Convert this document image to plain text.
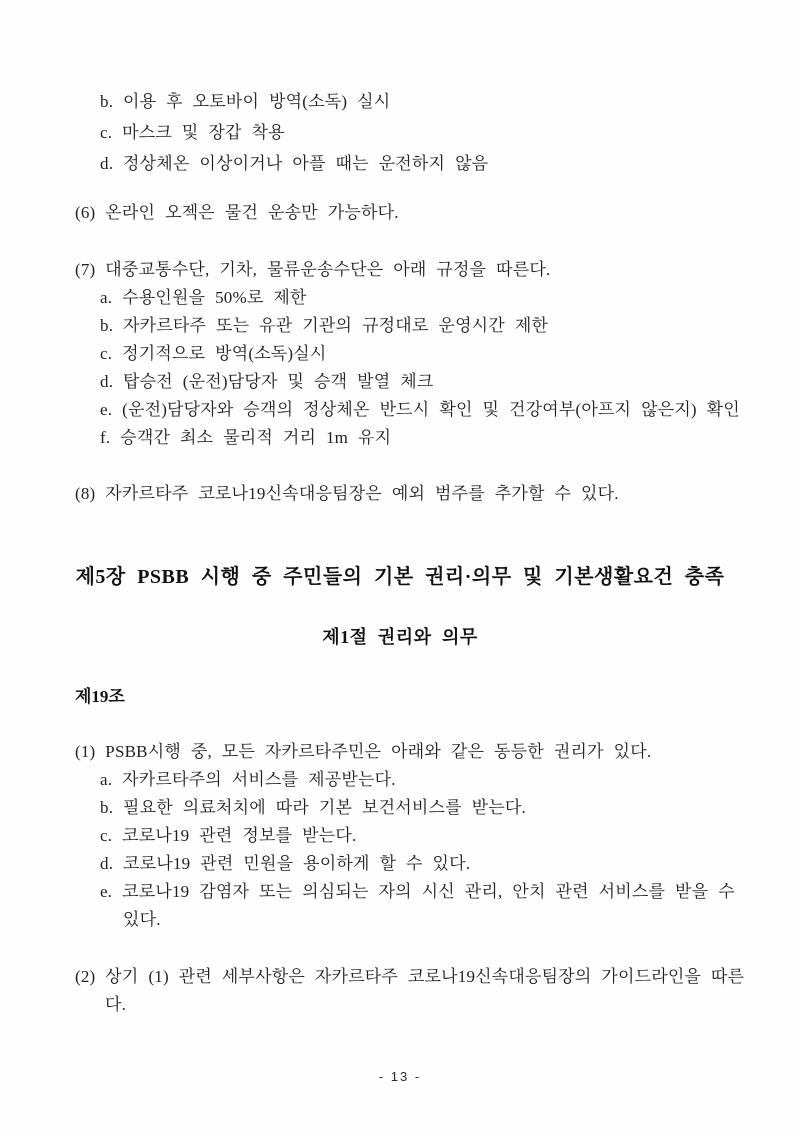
b. 이용 후 오토바이 방역(소독) 실시
c. 마스크 및 장갑 착용
d. 정상체온 이상이거나 아플 때는 운전하지 않음
(6) 온라인 오젝은 물건 운송만 가능하다.
(7) 대중교통수단, 기차, 물류운송수단은 아래 규정을 따른다.
a. 수용인원을 50%로 제한
b. 자카르타주 또는 유관 기관의 규정대로 운영시간 제한
c. 정기적으로 방역(소독)실시
d. 탑승전 (운전)담당자 및 승객 발열 체크
e. (운전)담당자와 승객의 정상체온 반드시 확인 및 건강여부(아프지 않은지) 확인
f. 승객간 최소 물리적 거리 1m 유지
(8) 자카르타주 코로나19신속대응팀장은 예외 범주를 추가할 수 있다.
제5장 PSBB 시행 중 주민들의 기본 권리·의무 및 기본생활요건 충족
제1절 권리와 의무
제19조
(1) PSBB시행 중, 모든 자카르타주민은 아래와 같은 동등한 권리가 있다.
a. 자카르타주의 서비스를 제공받는다.
b. 필요한 의료처치에 따라 기본 보건서비스를 받는다.
c. 코로나19 관련 정보를 받는다.
d. 코로나19 관련 민원을 용이하게 할 수 있다.
e. 코로나19 감염자 또는 의심되는 자의 시신 관리, 안치 관련 서비스를 받을 수 있다.
(2) 상기 (1) 관련 세부사항은 자카르타주 코로나19신속대응팀장의 가이드라인을 따른다.
- 13 -
